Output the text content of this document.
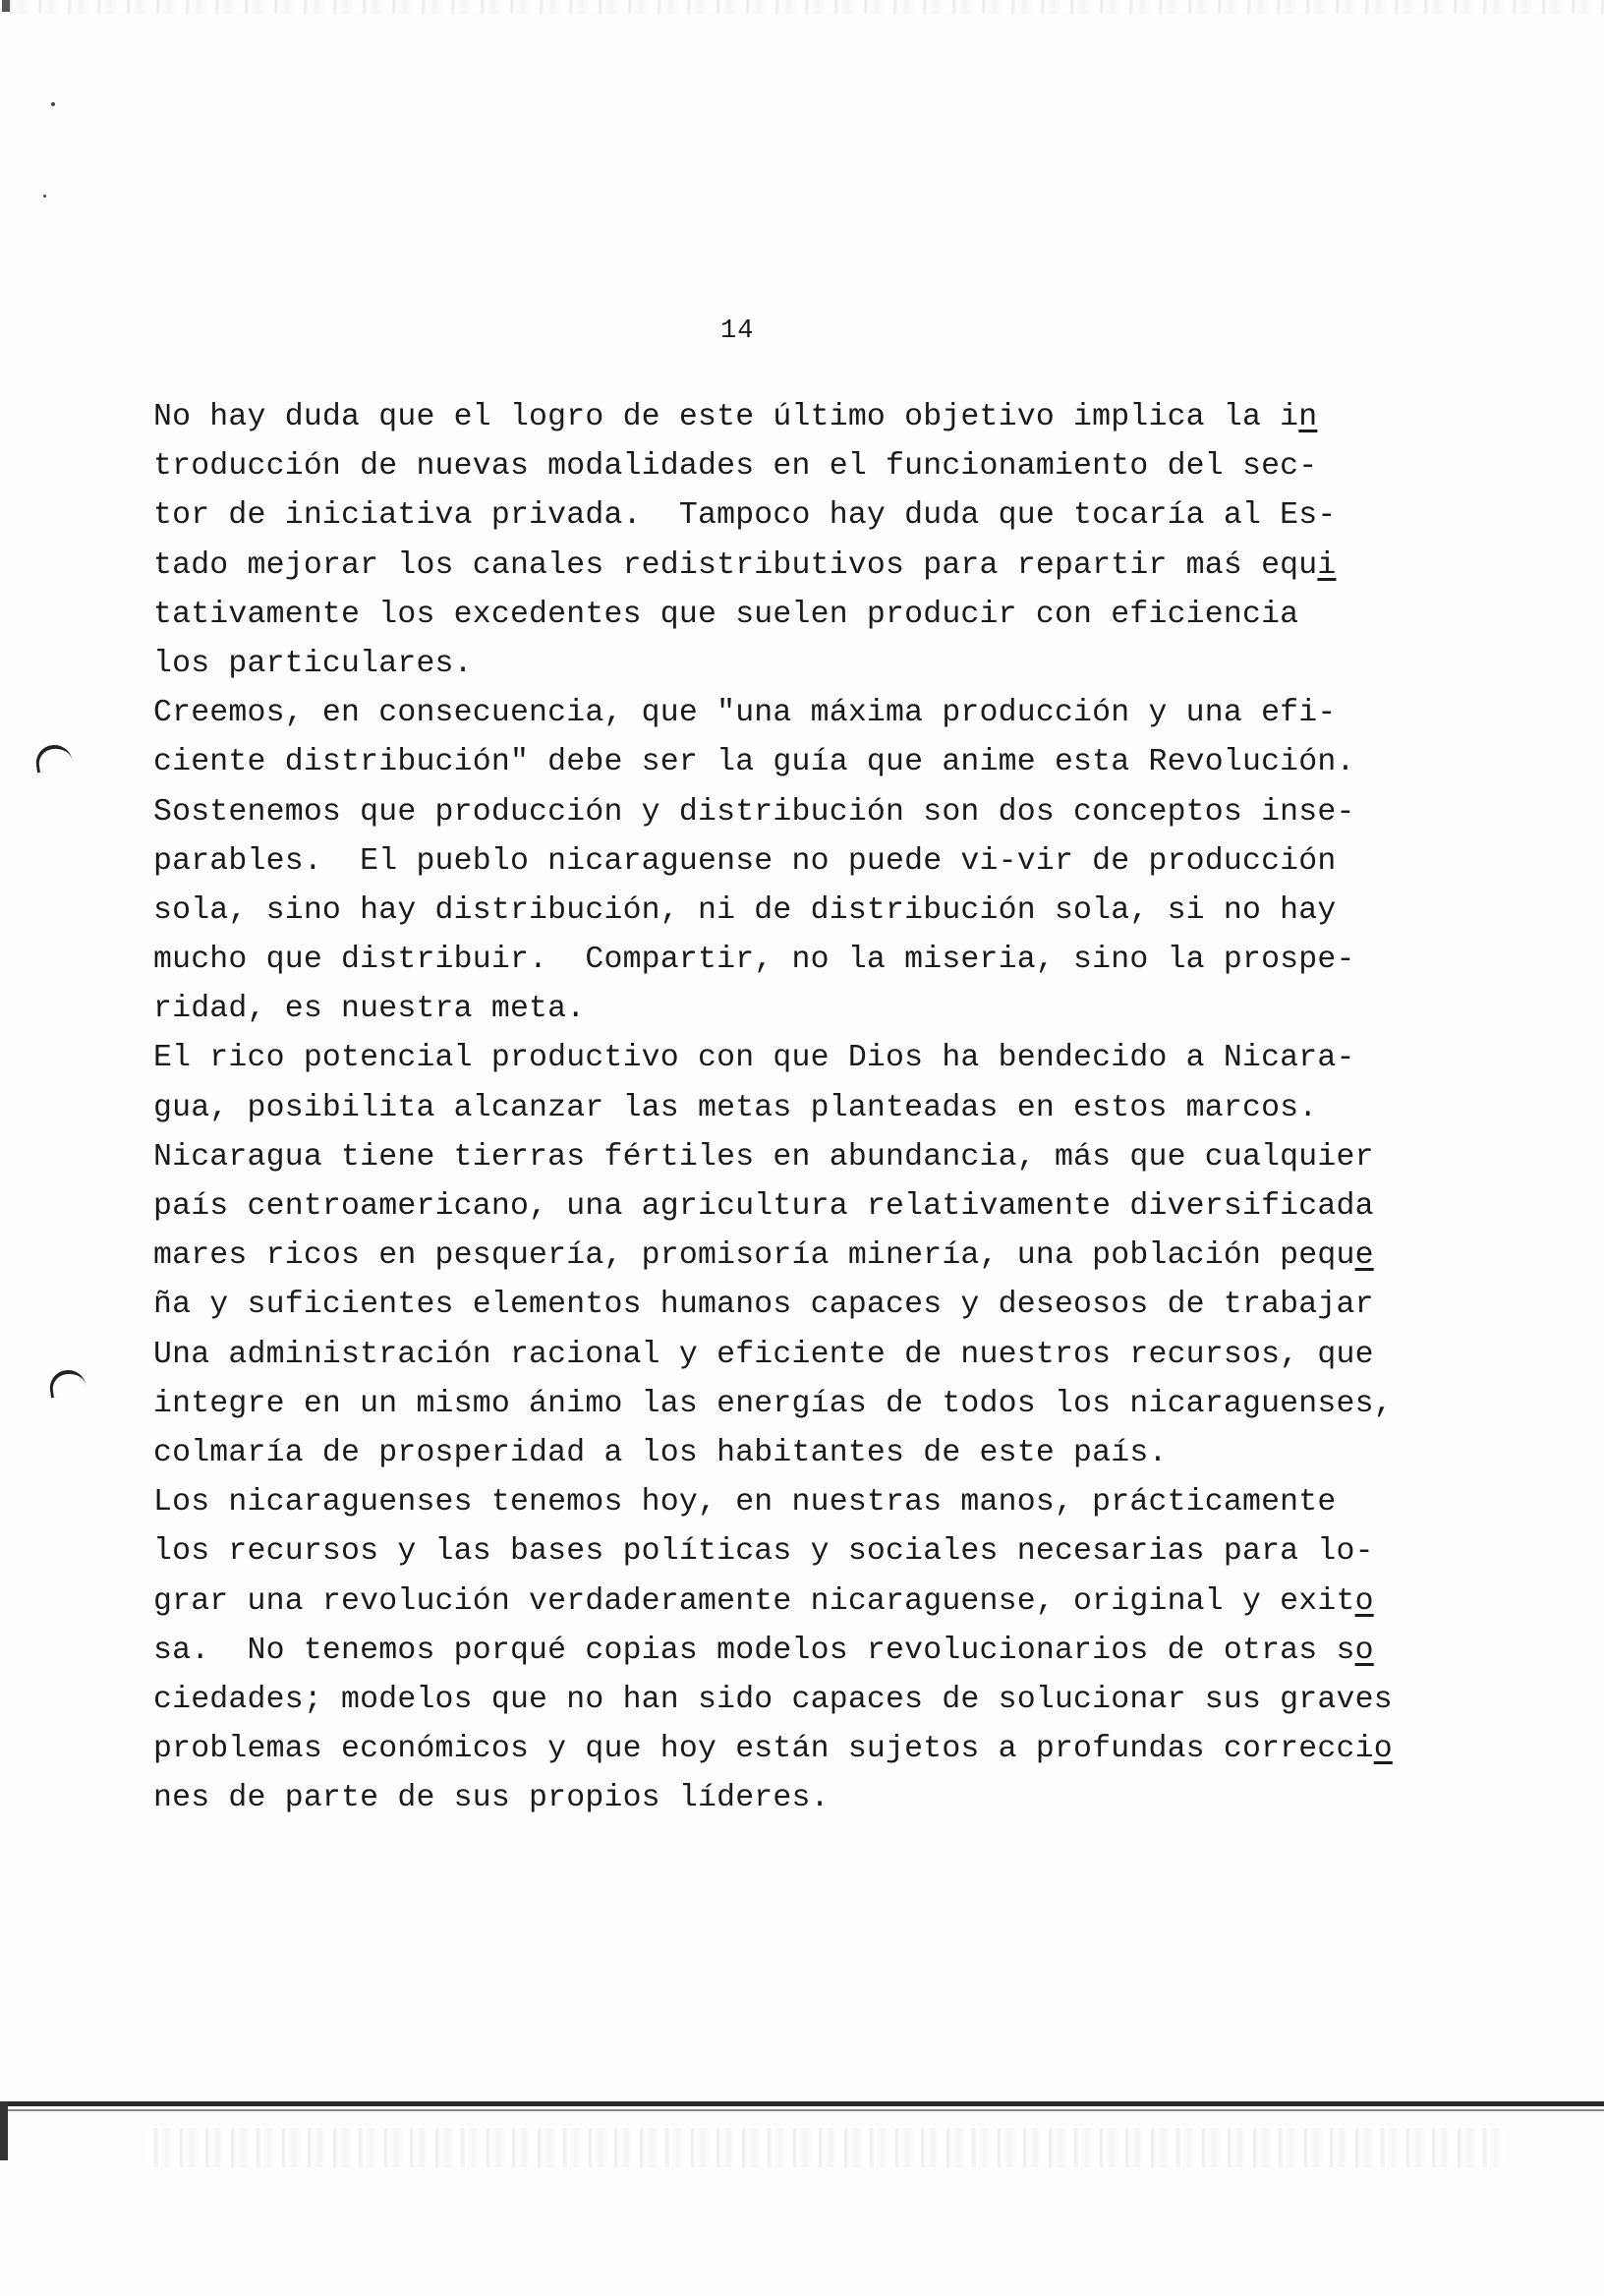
14
No hay duda que el logro de este último objetivo implica la in
troducción de nuevas modalidades en el funcionamiento del sec-
tor de iniciativa privada.  Tampoco hay duda que tocaría al Es-
tado mejorar los canales redistributivos para repartir maś equi
tativamente los excedentes que suelen producir con eficiencia
los particulares.
Creemos, en consecuencia, que "una máxima producción y una efi-
ciente distribución" debe ser la guía que anime esta Revolución.
Sostenemos que producción y distribución son dos conceptos inse-
parables.  El pueblo nicaraguense no puede vi-vir de producción
sola, sino hay distribución, ni de distribución sola, si no hay
mucho que distribuir.  Compartir, no la miseria, sino la prospe-
ridad, es nuestra meta.
El rico potencial productivo con que Dios ha bendecido a Nicara-
gua, posibilita alcanzar las metas planteadas en estos marcos.
Nicaragua tiene tierras fértiles en abundancia, más que cualquier
país centroamericano, una agricultura relativamente diversificada
mares ricos en pesquería, promisoría minería, una población peque
ña y suficientes elementos humanos capaces y deseosos de trabajar
Una administración racional y eficiente de nuestros recursos, que
integre en un mismo ánimo las energías de todos los nicaraguenses,
colmaría de prosperidad a los habitantes de este país.
Los nicaraguenses tenemos hoy, en nuestras manos, prácticamente
los recursos y las bases políticas y sociales necesarias para lo-
grar una revolución verdaderamente nicaraguense, original y exito
sa.  No tenemos porqué copias modelos revolucionarios de otras so
ciedades; modelos que no han sido capaces de solucionar sus graves
problemas económicos y que hoy están sujetos a profundas correccio
nes de parte de sus propios líderes.
